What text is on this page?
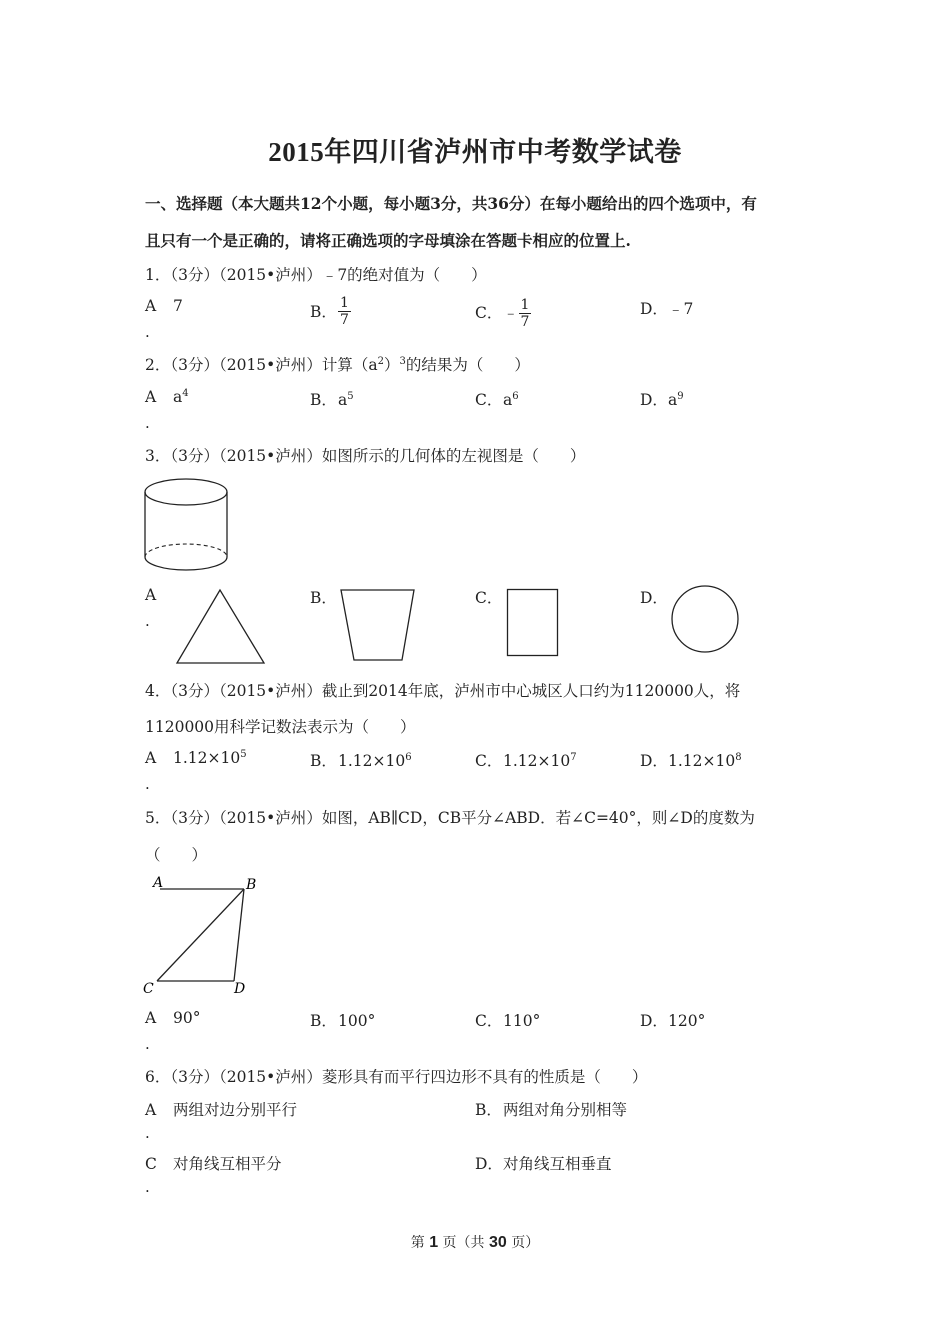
2015年四川省泸州市中考数学试卷
一、选择题（本大题共12个小题，每小题3分，共36分）在每小题给出的四个选项中，有
且只有一个是正确的，请将正确选项的字母填涂在答题卡相应的位置上.
1．（3分）（2015•泸州）﹣7的绝对值为（　　）
A 7
.
B． $\frac{1}{7}$	C．﹣ $\frac{1}{7}$	D．﹣7
2．（3分）（2015•泸州）计算$(a^2)^3$的结果为（　　）
A $a^4$
.
B．$a^5$	C．$a^6$	D．$a^9$
3．（3分）（2015•泸州）如图所示的几何体的左视图是（　　）
A
.
B．	C．	D．
4．（3分）（2015•泸州）截止到2014年底，泸州市中心城区人口约为1120000人，将
1120000用科学记数法表示为（　　）
A $1.12\times 10^5$
.
B．$1.12\times 10^6$	C．$1.12\times 10^7$	D．$1.12\times 10^8$
5．（3分）（2015•泸州）如图，AB∥CD，CB平分∠ABD．若∠C=40°，则∠D的度数为
（　　）
A	B
C	D
A 90°
.
B．100°	C．110°	D．120°
6．（3分）（2015•泸州）菱形具有而平行四边形不具有的性质是（　　）
A 两组对边分别平行
.
B．两组对角分别相等
C 对角线互相平分
.
D．对角线互相垂直
第 1 页（共 30 页）
